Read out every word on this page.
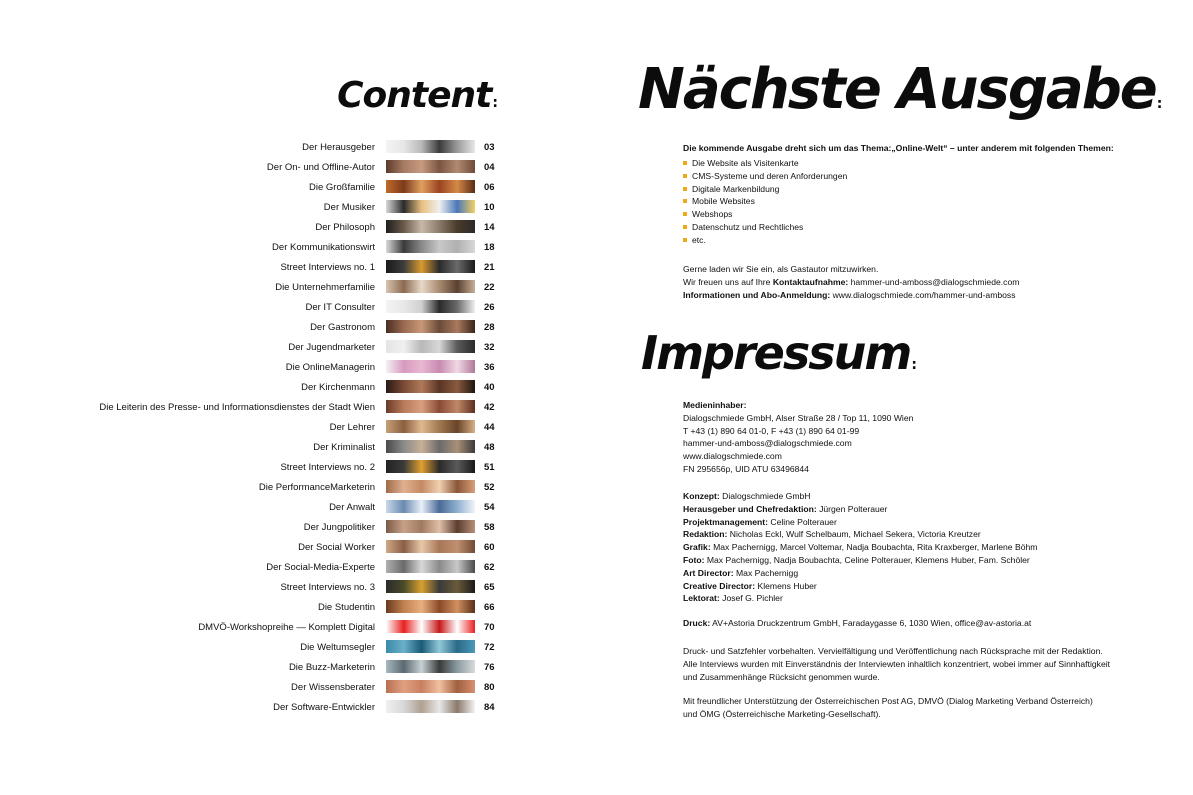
Content:	Nächste Ausgabe:
Impressum:
Der Herausgeber	03
Der On- und Offline-Autor	04
Die Großfamilie	06
Der Musiker	10
Der Philosoph	14
Der Kommunikationswirt	18
Street Interviews no. 1	21
Die Unternehmerfamilie	22
Der IT Consulter	26
Der Gastronom	28
Der Jugendmarketer	32
Die OnlineManagerin	36
Der Kirchenmann	40
Die Leiterin des Presse- und Informationsdienstes der Stadt Wien	42
Der Lehrer	44
Der Kriminalist	48
Street Interviews no. 2	51
Die PerformanceMarketerin	52
Der Anwalt	54
Der Jungpolitiker	58
Der Social Worker	60
Der Social-Media-Experte	62
Street Interviews no. 3	65
Die Studentin	66
DMVÖ-Workshopreihe — Komplett Digital	70
Die Weltumsegler	72
Die Buzz-Marketerin	76
Der Wissensberater	80
Der Software-Entwickler	84
Die kommende Ausgabe dreht sich um das Thema:„Online-Welt“ – unter anderem mit folgenden Themen:
Die Website als Visitenkarte
CMS-Systeme und deren Anforderungen
Digitale Markenbildung
Mobile Websites
Webshops
Datenschutz und Rechtliches
etc.
Gerne laden wir Sie ein, als Gastautor mitzuwirken.
Wir freuen uns auf Ihre Kontaktaufnahme: hammer-und-amboss@dialogschmiede.com
Informationen und Abo-Anmeldung: www.dialogschmiede.com/hammer-und-amboss
Medieninhaber:
Dialogschmiede GmbH, Alser Straße 28 / Top 11, 1090 Wien
T +43 (1) 890 64 01-0, F +43 (1) 890 64 01-99
hammer-und-amboss@dialogschmiede.com
www.dialogschmiede.com
FN 295656p, UID ATU 63496844
Konzept: Dialogschmiede GmbH
Herausgeber und Chefredaktion: Jürgen Polterauer
Projektmanagement: Celine Polterauer
Redaktion: Nicholas Eckl, Wulf Schelbaum, Michael Sekera, Victoria Kreutzer
Grafik: Max Pachernigg, Marcel Voltemar, Nadja Boubachta, Rita Kraxberger, Marlene Böhm
Foto: Max Pachernigg, Nadja Boubachta, Celine Polterauer, Klemens Huber, Fam. Schöler
Art Director: Max Pachernigg
Creative Director: Klemens Huber
Lektorat: Josef G. Pichler
Druck: AV+Astoria Druckzentrum GmbH, Faradaygasse 6, 1030 Wien, office@av-astoria.at
Druck- und Satzfehler vorbehalten. Vervielfältigung und Veröffentlichung nach Rücksprache mit der Redaktion.
Alle Interviews wurden mit Einverständnis der Interviewten inhaltlich konzentriert, wobei immer auf Sinnhaftigkeit
und Zusammenhänge Rücksicht genommen wurde.
Mit freundlicher Unterstützung der Österreichischen Post AG, DMVÖ (Dialog Marketing Verband Österreich)
und ÖMG (Österreichische Marketing-Gesellschaft).
